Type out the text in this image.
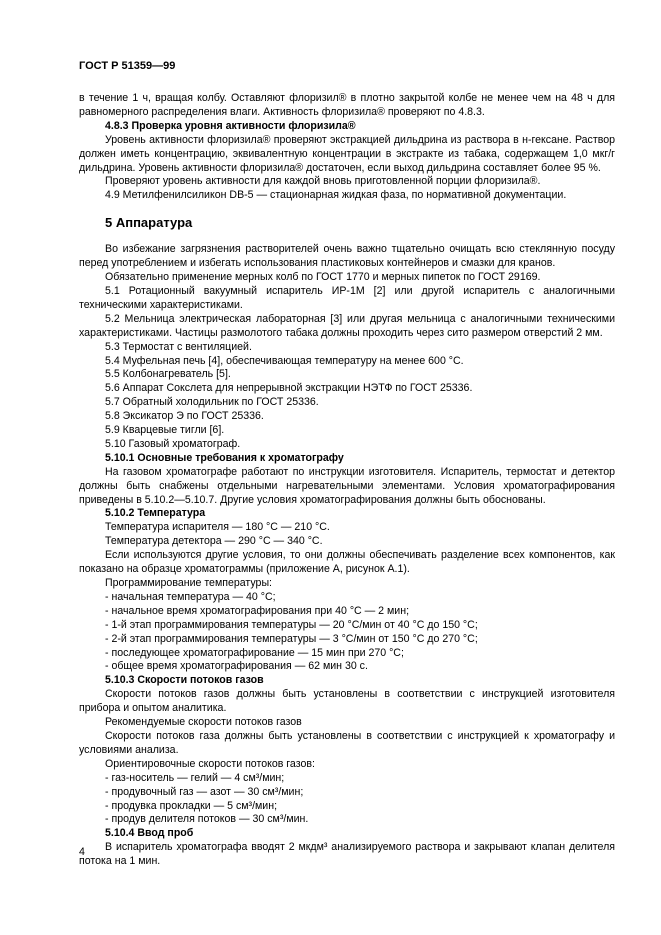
ГОСТ Р 51359—99

в течение 1 ч, вращая колбу. Оставляют флоризил® в плотно закрытой колбе не менее чем на 48 ч для равномерного распределения влаги. Активность флоризила® проверяют по 4.8.3.

4.8.3 Проверка уровня активности флоризила®

Уровень активности флоризила® проверяют экстракцией дильдрина из раствора в н-гексане. Раствор должен иметь концентрацию, эквивалентную концентрации в экстракте из табака, содержащем 1,0 мкг/г дильдрина. Уровень активности флоризила® достаточен, если выход дильдрина составляет более 95 %.

Проверяют уровень активности для каждой вновь приготовленной порции флоризила®.

4.9 Метилфенилсиликон DB-5 — стационарная жидкая фаза, по нормативной документации.

5 Аппаратура

Во избежание загрязнения растворителей очень важно тщательно очищать всю стеклянную посуду перед употреблением и избегать использования пластиковых контейнеров и смазки для кранов.

Обязательно применение мерных колб по ГОСТ 1770 и мерных пипеток по ГОСТ 29169.

5.1 Ротационный вакуумный испаритель ИР-1М [2] или другой испаритель с аналогичными техническими характеристиками.

5.2 Мельница электрическая лабораторная [3] или другая мельница с аналогичными техническими характеристиками. Частицы размолотого табака должны проходить через сито размером отверстий 2 мм.

5.3 Термостат с вентиляцией.

5.4 Муфельная печь [4], обеспечивающая температуру на менее 600 °С.

5.5 Колбонагреватель [5].

5.6 Аппарат Сокслета для непрерывной экстракции НЭТФ по ГОСТ 25336.

5.7 Обратный холодильник по ГОСТ 25336.

5.8 Эксикатор Э по ГОСТ 25336.

5.9 Кварцевые тигли [6].

5.10 Газовый хроматограф.

5.10.1 Основные требования к хроматографу

На газовом хроматографе работают по инструкции изготовителя. Испаритель, термостат и детектор должны быть снабжены отдельными нагревательными элементами. Условия хроматографирования приведены в 5.10.2—5.10.7. Другие условия хроматографирования должны быть обоснованы.

5.10.2 Температура

Температура испарителя — 180 °С — 210 °С.

Температура детектора — 290 °С — 340 °С.

Если используются другие условия, то они должны обеспечивать разделение всех компонентов, как показано на образце хроматограммы (приложение А, рисунок А.1).

Программирование температуры:

- начальная температура — 40 °С;

- начальное время хроматографирования при 40 °С — 2 мин;

- 1-й этап программирования температуры — 20 °С/мин от 40 °С до 150 °С;

- 2-й этап программирования температуры — 3 °С/мин от 150 °С до 270 °С;

- последующее хроматографирование — 15 мин при 270 °С;

- общее время хроматографирования — 62 мин 30 с.

5.10.3 Скорости потоков газов

Скорости потоков газов должны быть установлены в соответствии с инструкцией изготовителя прибора и опытом аналитика.

Рекомендуемые скорости потоков газов

Скорости потоков газа должны быть установлены в соответствии с инструкцией к хроматографу и условиями анализа.

Ориентировочные скорости потоков газов:

- газ-носитель — гелий — 4 см³/мин;

- продувочный газ — азот — 30 см³/мин;

- продувка прокладки — 5 см³/мин;

- продув делителя потоков — 30 см³/мин.

5.10.4 Ввод проб

В испаритель хроматографа вводят 2 мкдм³ анализируемого раствора и закрывают клапан делителя потока на 1 мин.

4
